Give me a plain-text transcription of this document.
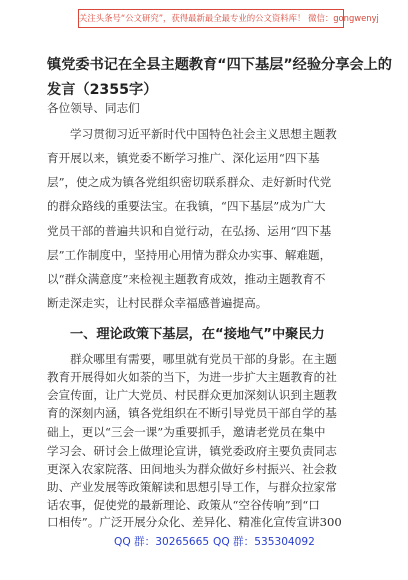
关注头条号“公文研究”，获得最新最全最专业的公文资料库！ 微信：gongwenyj
镇党委书记在全县主题教育“四下基层”经验分享会上的
发言（2355字）
各位领导、同志们
学习贯彻习近平新时代中国特色社会主义思想主题教
育开展以来，镇党委不断学习推广、深化运用“四下基
层”，使之成为镇各党组织密切联系群众、走好新时代党
的群众路线的重要法宝。在我镇，“四下基层”成为广大
党员干部的普遍共识和自觉行动，在弘扬、运用“四下基
层”工作制度中，坚持用心用情为群众办实事、解难题，
以“群众满意度”来检视主题教育成效，推动主题教育不
断走深走实，让村民群众幸福感普遍提高。
一、理论政策下基层，在“接地气”中聚民力
群众哪里有需要，哪里就有党员干部的身影。在主题
教育开展得如火如荼的当下，为进一步扩大主题教育的社
会宣传面，让广大党员、村民群众更加深刻认识到主题教
育的深刻内涵，镇各党组织在不断引导党员干部自学的基
础上，更以“三会一课”为重要抓手，邀请老党员在集中
学习会、研讨会上做理论宣讲，镇党委政府主要负责同志
更深入农家院落、田间地头为群众做好乡村振兴、社会救
助、产业发展等政策解读和思想引导工作，与群众拉家常
话农事，促使党的最新理论、政策从“空谷传响”到“口
口相传”。广泛开展分众化、差异化、精准化宣传宣讲300
QQ 群：30265665 QQ 群：535304092
